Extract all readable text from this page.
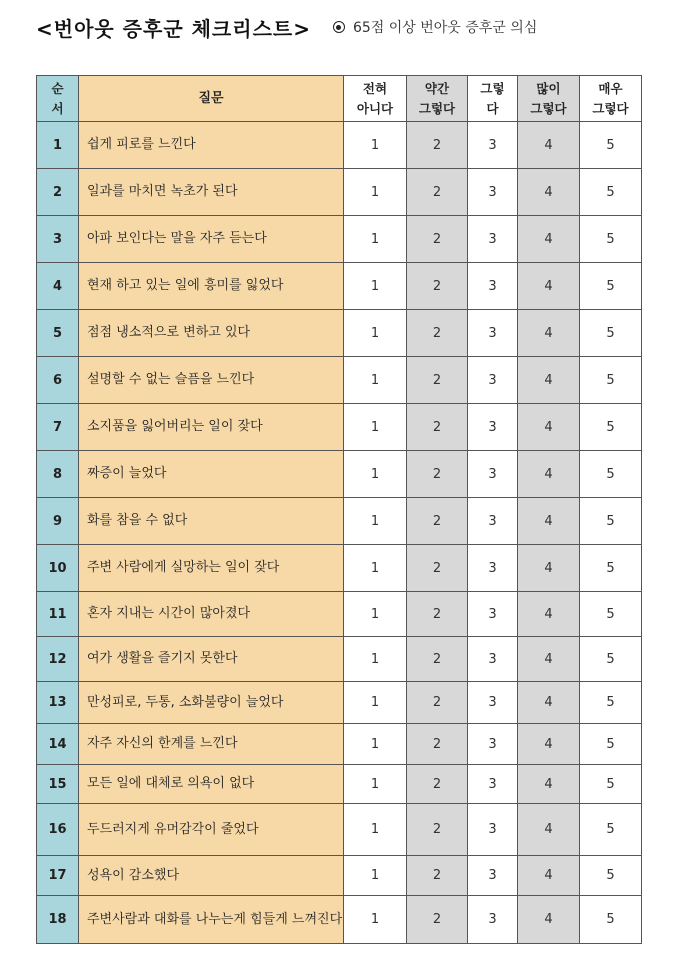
<번아웃 증후군 체크리스트>	65점 이상 번아웃 증후군 의심
순서	질문	전혀 아니다	약간 그렇다	그렇다	많이 그렇다	매우 그렇다
1	쉽게 피로를 느낀다	1	2	3	4	5
2	일과를 마치면 녹초가 된다	1	2	3	4	5
3	아파 보인다는 말을 자주 듣는다	1	2	3	4	5
4	현재 하고 있는 일에 흥미를 잃었다	1	2	3	4	5
5	점점 냉소적으로 변하고 있다	1	2	3	4	5
6	설명할 수 없는 슬픔을 느낀다	1	2	3	4	5
7	소지품을 잃어버리는 일이 잦다	1	2	3	4	5
8	짜증이 늘었다	1	2	3	4	5
9	화를 참을 수 없다	1	2	3	4	5
10	주변 사람에게 실망하는 일이 잦다	1	2	3	4	5
11	혼자 지내는 시간이 많아졌다	1	2	3	4	5
12	여가 생활을 즐기지 못한다	1	2	3	4	5
13	만성피로, 두통, 소화불량이 늘었다	1	2	3	4	5
14	자주 자신의 한계를 느낀다	1	2	3	4	5
15	모든 일에 대체로 의욕이 없다	1	2	3	4	5
16	두드러지게 유머감각이 줄었다	1	2	3	4	5
17	성욕이 감소했다	1	2	3	4	5
18	주변사람과 대화를 나누는게 힘들게 느껴진다	1	2	3	4	5
